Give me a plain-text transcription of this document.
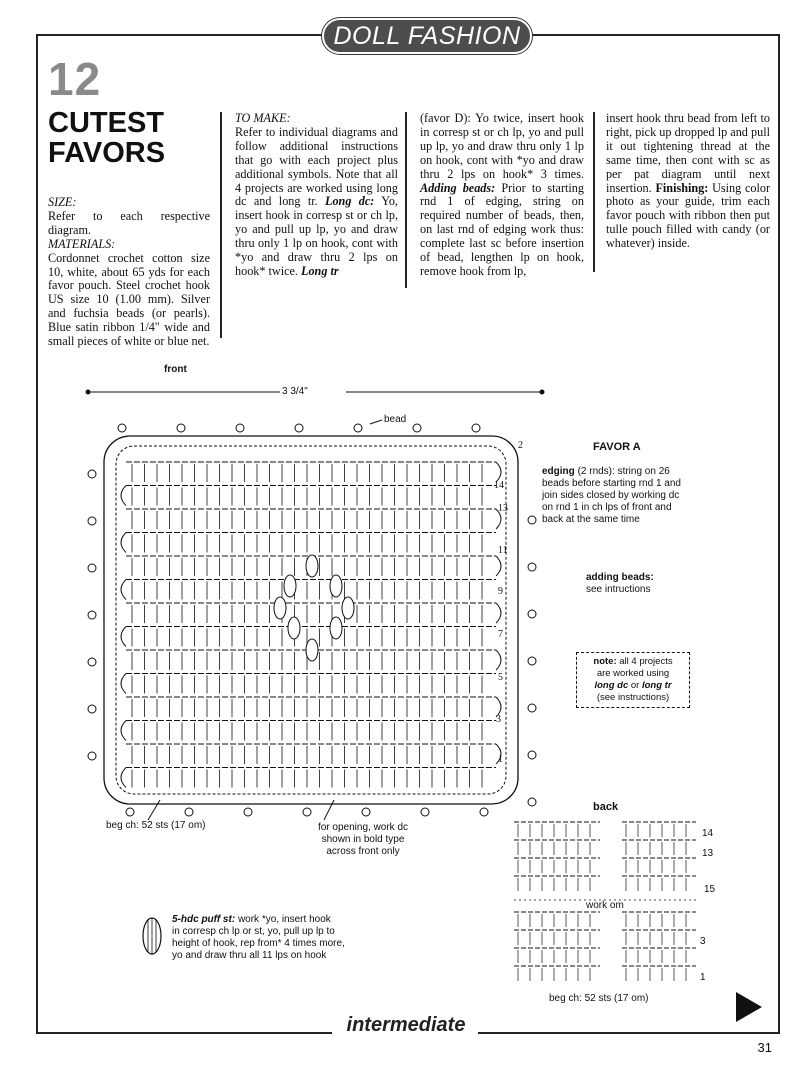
DOLL FASHION
12
CUTEST
FAVORS
SIZE:
Refer to each respective diagram.
MATERIALS:
Cordonnet crochet cotton size 10, white, about 65 yds for each favor pouch. Steel crochet hook US size 10 (1.00 mm). Silver and fuchsia beads (or pearls). Blue satin ribbon 1/4" wide and small pieces of white or blue net.
TO MAKE:
Refer to individual diagrams and follow additional instructions that go with each project plus additional symbols. Note that all 4 projects are worked using long dc and long tr. Long dc: Yo, insert hook in corresp st or ch lp, yo and pull up lp, yo and draw thru only 1 lp on hook, cont with *yo and draw thru 2 lps on hook* twice. Long tr
(favor D): Yo twice, insert hook in corresp st or ch lp, yo and pull up lp, yo and draw thru only 1 lp on hook, cont with *yo and draw thru 2 lps on hook* 3 times. Adding beads: Prior to starting rnd 1 of edging, string on required number of beads, then, on last rnd of edging work thus: complete last sc before insertion of bead, lengthen lp on hook, remove hook from lp,
insert hook thru bead from left to right, pick up dropped lp and pull it out tightening thread at the same time, then cont with sc as per pat diagram until next insertion. Finishing: Using color photo as your guide, trim each favor pouch with ribbon then put tulle pouch filled with candy (or whatever) inside.
front
3 3/4"
bead
FAVOR A
edging (2 rnds): string on 26 beads before starting rnd 1 and join sides closed by working dc on rnd 1 in ch lps of front and back at the same time
adding beads:
see intructions
note: all 4 projects
are worked using
long dc or long tr
(see instructions)
beg ch: 52 sts (17 om)	for opening, work dc
shown in bold type
across front only
5-hdc puff st: work *yo, insert hook
in corresp ch lp or st, yo, pull up lp to
height of hook, rep from* 4 times more,
yo and draw thru all 11 lps on hook
back
work om
beg ch: 52 sts (17 om)
intermediate
31
2
14
13
11
9
7
5
3
1
14
13
15
3
1
